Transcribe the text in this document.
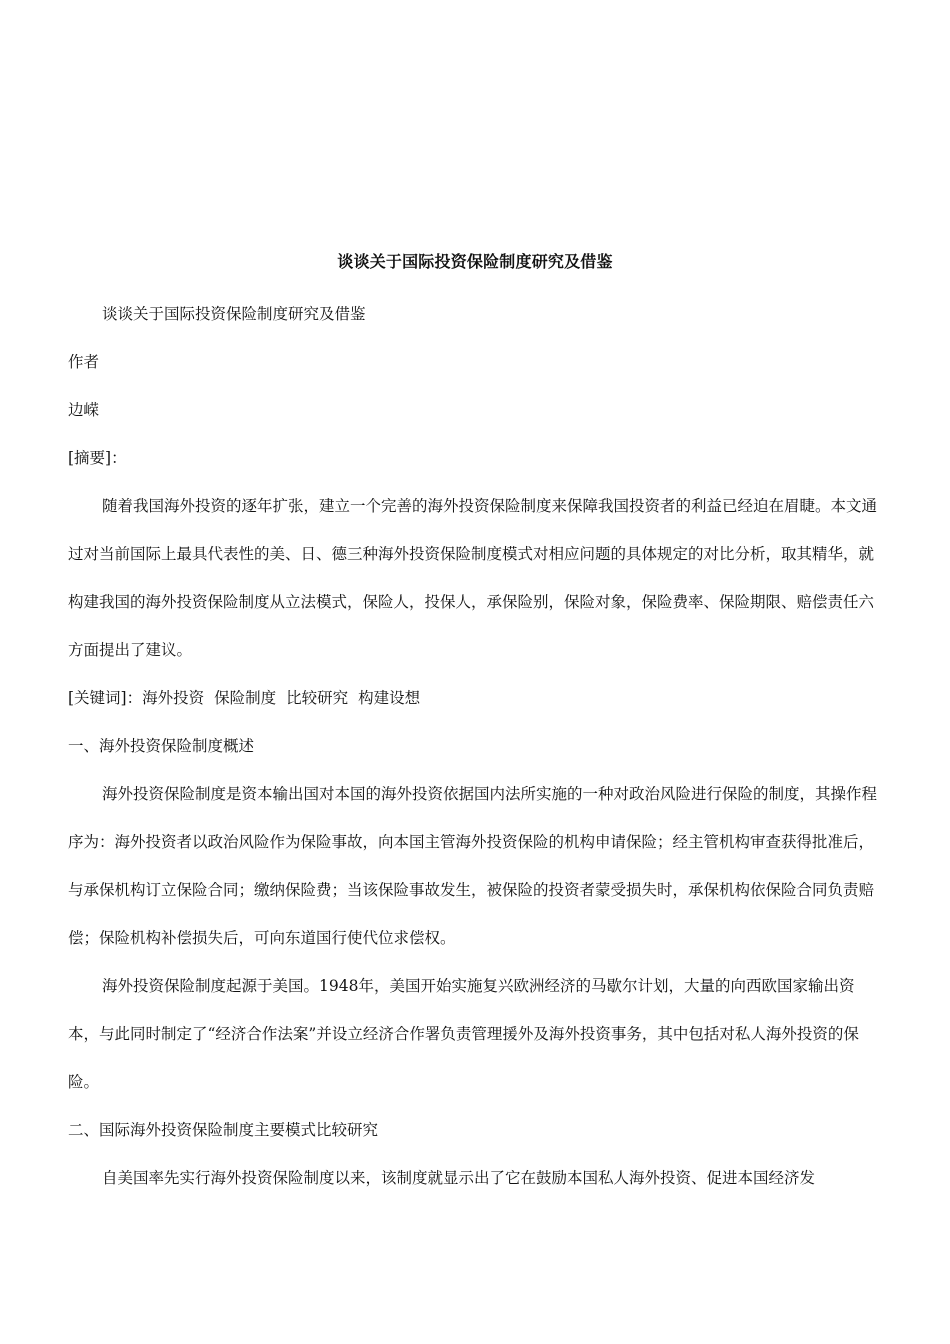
谈谈关于国际投资保险制度研究及借鉴

谈谈关于国际投资保险制度研究及借鉴

作者

边嵘

[摘要]：

随着我国海外投资的逐年扩张，建立一个完善的海外投资保险制度来保障我国投资者的利益已经迫在眉睫。本文通过对当前国际上最具代表性的美、日、德三种海外投资保险制度模式对相应问题的具体规定的对比分析，取其精华，就构建我国的海外投资保险制度从立法模式，保险人，投保人，承保险别，保险对象，保险费率、保险期限、赔偿责任六方面提出了建议。

[关键词]：海外投资 保险制度 比较研究 构建设想

一、海外投资保险制度概述

海外投资保险制度是资本输出国对本国的海外投资依据国内法所实施的一种对政治风险进行保险的制度，其操作程序为：海外投资者以政治风险作为保险事故，向本国主管海外投资保险的机构申请保险；经主管机构审查获得批准后，与承保机构订立保险合同；缴纳保险费；当该保险事故发生，被保险的投资者蒙受损失时，承保机构依保险合同负责赔偿；保险机构补偿损失后，可向东道国行使代位求偿权。

海外投资保险制度起源于美国。1948年，美国开始实施复兴欧洲经济的马歇尔计划，大量的向西欧国家输出资本，与此同时制定了“经济合作法案”并设立经济合作署负责管理援外及海外投资事务，其中包括对私人海外投资的保险。

二、国际海外投资保险制度主要模式比较研究

自美国率先实行海外投资保险制度以来，该制度就显示出了它在鼓励本国私人海外投资、促进本国经济发
